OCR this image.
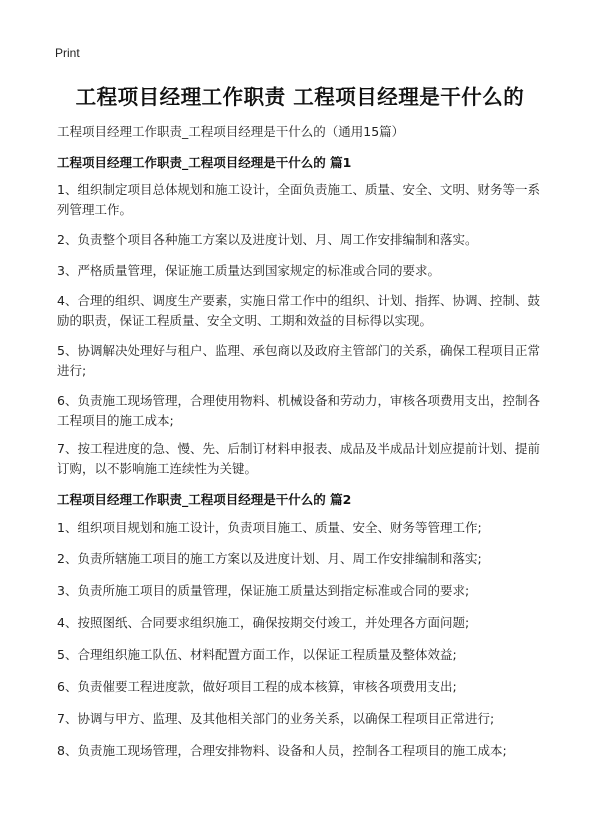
Print
工程项目经理工作职责 工程项目经理是干什么的
工程项目经理工作职责_工程项目经理是干什么的（通用15篇）
工程项目经理工作职责_工程项目经理是干什么的 篇1
1、组织制定项目总体规划和施工设计，全面负责施工、质量、安全、文明、财务等一系列管理工作。
2、负责整个项目各种施工方案以及进度计划、月、周工作安排编制和落实。
3、严格质量管理，保证施工质量达到国家规定的标准或合同的要求。
4、合理的组织、调度生产要素，实施日常工作中的组织、计划、指挥、协调、控制、鼓励的职责，保证工程质量、安全文明、工期和效益的目标得以实现。
5、协调解决处理好与租户、监理、承包商以及政府主管部门的关系，确保工程项目正常进行;
6、负责施工现场管理，合理使用物料、机械设备和劳动力，审核各项费用支出，控制各工程项目的施工成本;
7、按工程进度的急、慢、先、后制订材料申报表、成品及半成品计划应提前计划、提前订购，以不影响施工连续性为关键。
工程项目经理工作职责_工程项目经理是干什么的 篇2
1、组织项目规划和施工设计，负责项目施工、质量、安全、财务等管理工作;
2、负责所辖施工项目的施工方案以及进度计划、月、周工作安排编制和落实;
3、负责所施工项目的质量管理，保证施工质量达到指定标准或合同的要求;
4、按照图纸、合同要求组织施工，确保按期交付竣工，并处理各方面问题;
5、合理组织施工队伍、材料配置方面工作，以保证工程质量及整体效益;
6、负责催要工程进度款，做好项目工程的成本核算，审核各项费用支出;
7、协调与甲方、监理、及其他相关部门的业务关系，以确保工程项目正常进行;
8、负责施工现场管理，合理安排物料、设备和人员，控制各工程项目的施工成本;
